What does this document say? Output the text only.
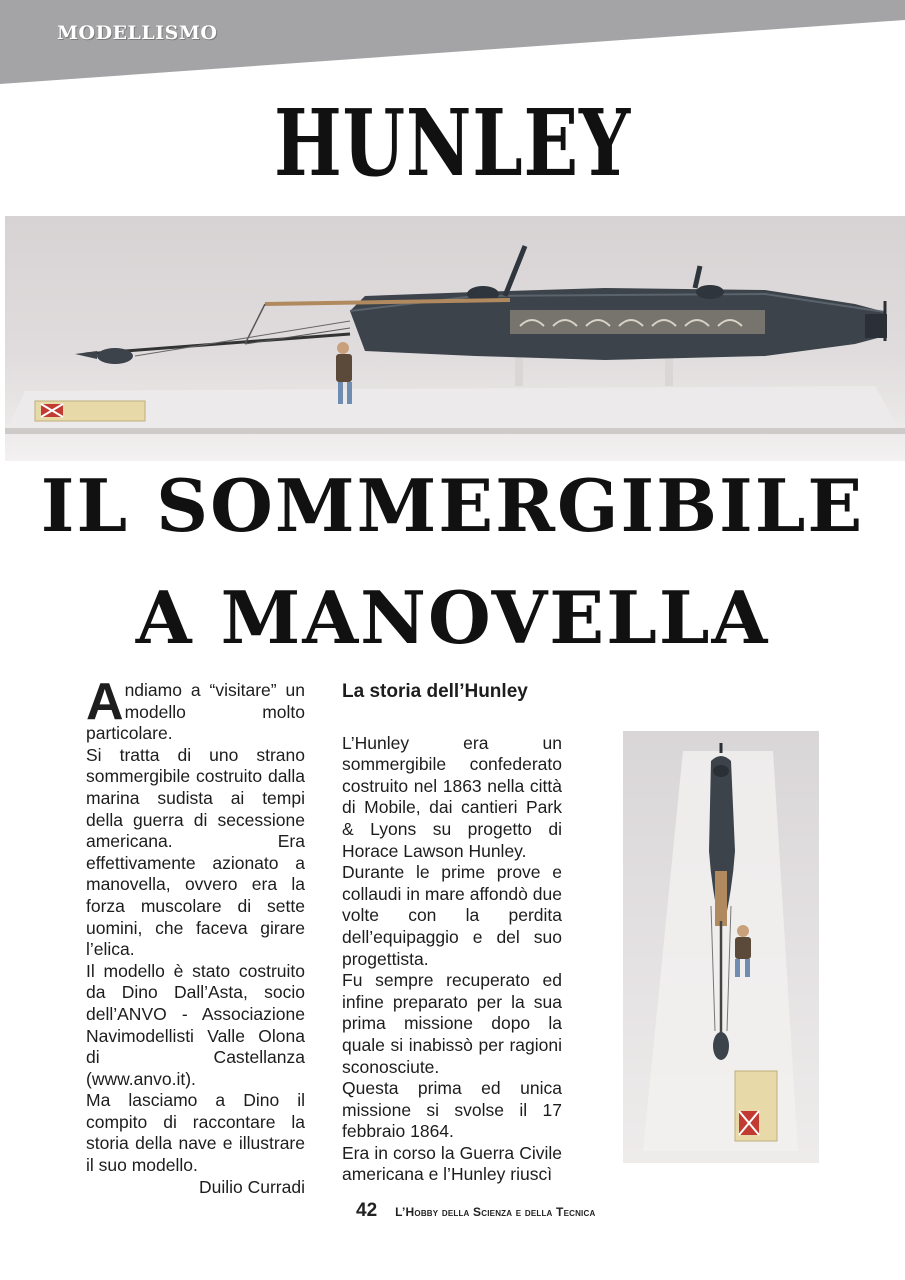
MODELLISMO
HUNLEY
IL SOMMERGIBILE
A MANOVELLA

Andiamo a “visitare” un modello molto particolare.

Si tratta di uno strano sommergibile costruito dalla marina sudista ai tempi della guerra di secessione americana. Era effettivamente azionato a manovella, ovvero era la forza muscolare di sette uomini, che faceva girare l’elica.

Il modello è stato costruito da Dino Dall’Asta, socio dell’ANVO - Associazione Navimodellisti Valle Olona di Castellanza (www.anvo.it).

Ma lasciamo a Dino il compito di raccontare la storia della nave e illustrare il suo modello.

Duilio Curradi

La storia dell’Hunley

L’Hunley era un sommergibile confederato costruito nel 1863 nella città di Mobile, dai cantieri Park & Lyons su progetto di Horace Lawson Hunley.

Durante le prime prove e collaudi in mare affondò due volte con la perdita dell’equipaggio e del suo progettista.

Fu sempre recuperato ed infine preparato per la sua prima missione dopo la quale si inabissò per ragioni sconosciute.

Questa prima ed unica missione si svolse il 17 febbraio 1864.

Era in corso la Guerra Civile americana e l’Hunley riuscì

42 L’Hobby della Scienza e della Tecnica
